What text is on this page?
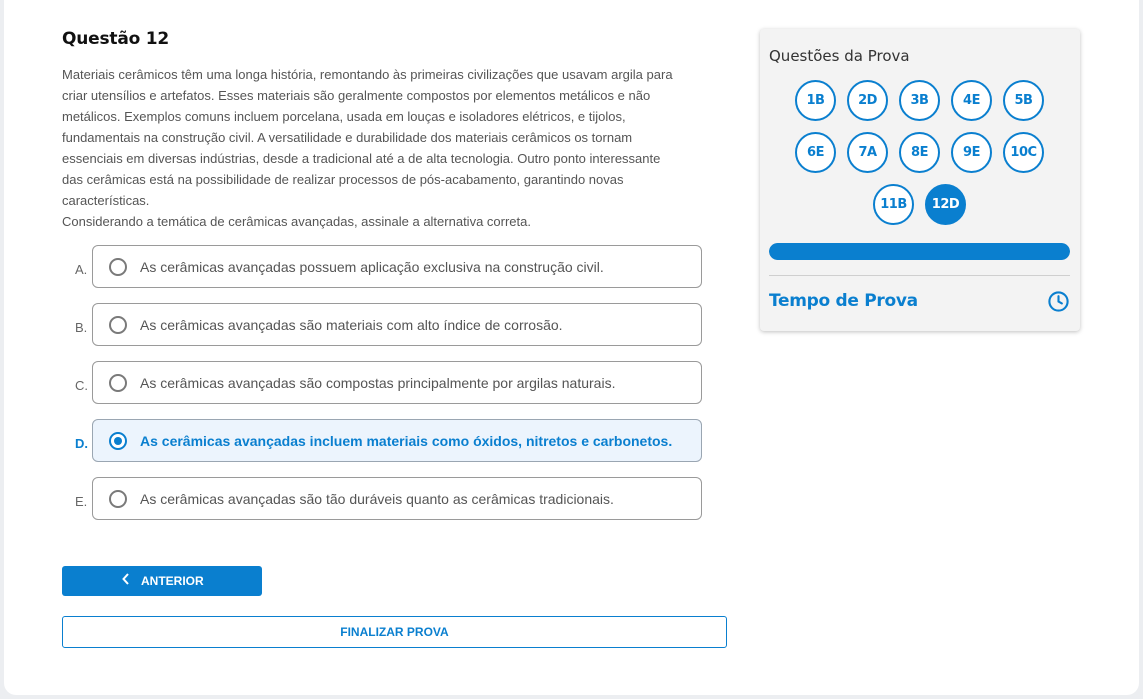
Questão 12

Materiais cerâmicos têm uma longa história, remontando às primeiras civilizações que usavam argila para

criar utensílios e artefatos. Esses materiais são geralmente compostos por elementos metálicos e não

metálicos. Exemplos comuns incluem porcelana, usada em louças e isoladores elétricos, e tijolos,

fundamentais na construção civil. A versatilidade e durabilidade dos materiais cerâmicos os tornam

essenciais em diversas indústrias, desde a tradicional até a de alta tecnologia. Outro ponto interessante

das cerâmicas está na possibilidade de realizar processos de pós-acabamento, garantindo novas

características.

Considerando a temática de cerâmicas avançadas, assinale a alternativa correta.

A.	As cerâmicas avançadas possuem aplicação exclusiva na construção civil.
B.	As cerâmicas avançadas são materiais com alto índice de corrosão.
C.	As cerâmicas avançadas são compostas principalmente por argilas naturais.
D.	As cerâmicas avançadas incluem materiais como óxidos, nitretos e carbonetos.
E.	As cerâmicas avançadas são tão duráveis quanto as cerâmicas tradicionais.
ANTERIOR
FINALIZAR PROVA
Questões da Prova
1B	2D	3B	4E	5B
6E	7A	8E	9E	10C
11B	12D
Tempo de Prova
